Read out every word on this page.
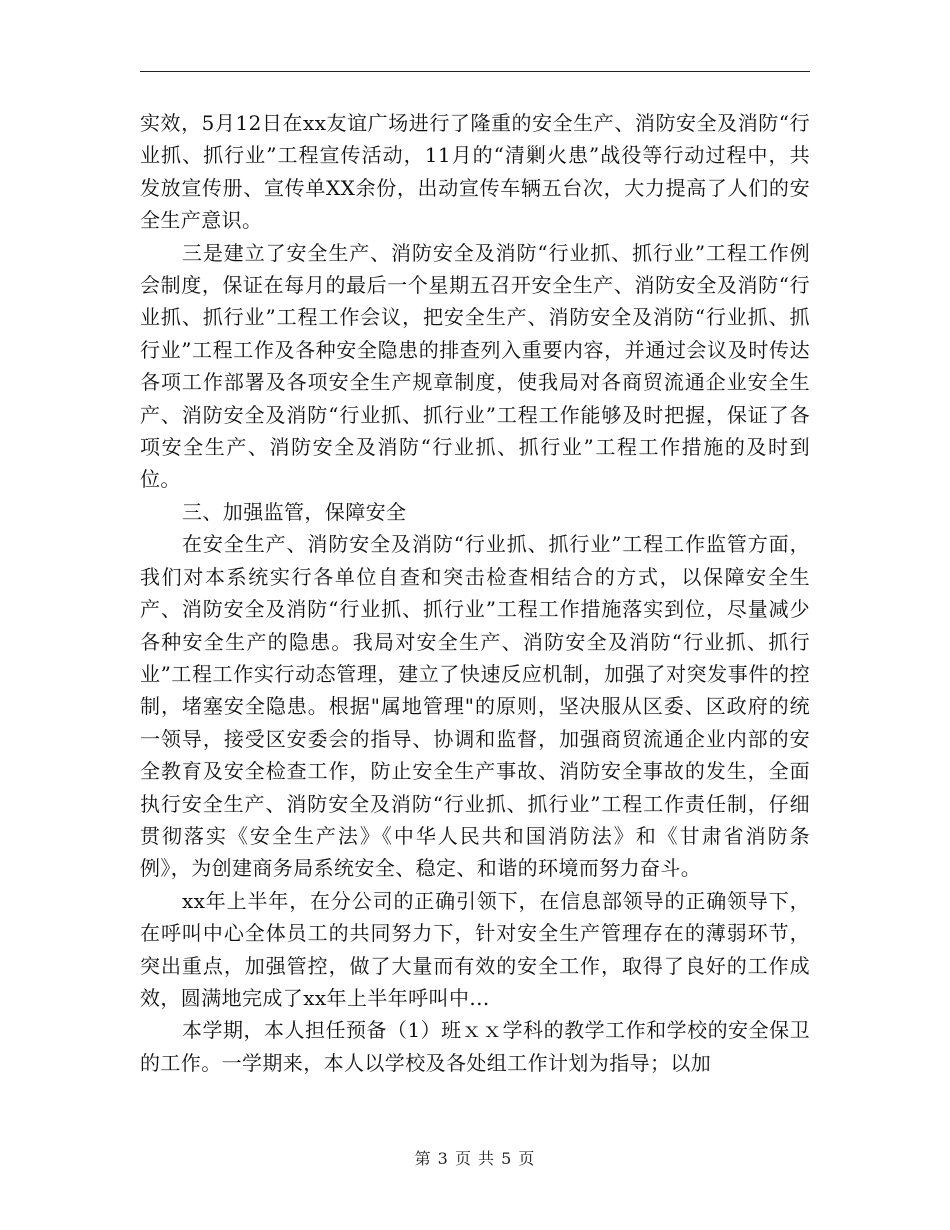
实效，5月12日在xx友谊广场进行了隆重的安全生产、消防安全及消防“行业抓、抓行业”工程宣传活动，11月的“清剿火患”战役等行动过程中，共发放宣传册、宣传单XX余份，出动宣传车辆五台次，大力提高了人们的安全生产意识。

三是建立了安全生产、消防安全及消防“行业抓、抓行业”工程工作例会制度，保证在每月的最后一个星期五召开安全生产、消防安全及消防“行业抓、抓行业”工程工作会议，把安全生产、消防安全及消防“行业抓、抓行业”工程工作及各种安全隐患的排查列入重要内容，并通过会议及时传达各项工作部署及各项安全生产规章制度，使我局对各商贸流通企业安全生产、消防安全及消防“行业抓、抓行业”工程工作能够及时把握，保证了各项安全生产、消防安全及消防“行业抓、抓行业”工程工作措施的及时到位。

三、加强监管，保障安全

在安全生产、消防安全及消防“行业抓、抓行业”工程工作监管方面，我们对本系统实行各单位自查和突击检查相结合的方式，以保障安全生产、消防安全及消防“行业抓、抓行业”工程工作措施落实到位，尽量减少各种安全生产的隐患。我局对安全生产、消防安全及消防“行业抓、抓行业”工程工作实行动态管理，建立了快速反应机制，加强了对突发事件的控制，堵塞安全隐患。根据"属地管理"的原则，坚决服从区委、区政府的统一领导，接受区安委会的指导、协调和监督，加强商贸流通企业内部的安全教育及安全检查工作，防止安全生产事故、消防安全事故的发生，全面执行安全生产、消防安全及消防“行业抓、抓行业”工程工作责任制，仔细贯彻落实《安全生产法》《中华人民共和国消防法》和《甘肃省消防条例》，为创建商务局系统安全、稳定、和谐的环境而努力奋斗。

xx年上半年，在分公司的正确引领下，在信息部领导的正确领导下，在呼叫中心全体员工的共同努力下，针对安全生产管理存在的薄弱环节，突出重点，加强管控，做了大量而有效的安全工作，取得了良好的工作成效，圆满地完成了xx年上半年呼叫中...

本学期，本人担任预备（1）班ｘｘ学科的教学工作和学校的安全保卫的工作。一学期来，本人以学校及各处组工作计划为指导；以加

第 3 页 共 5 页
